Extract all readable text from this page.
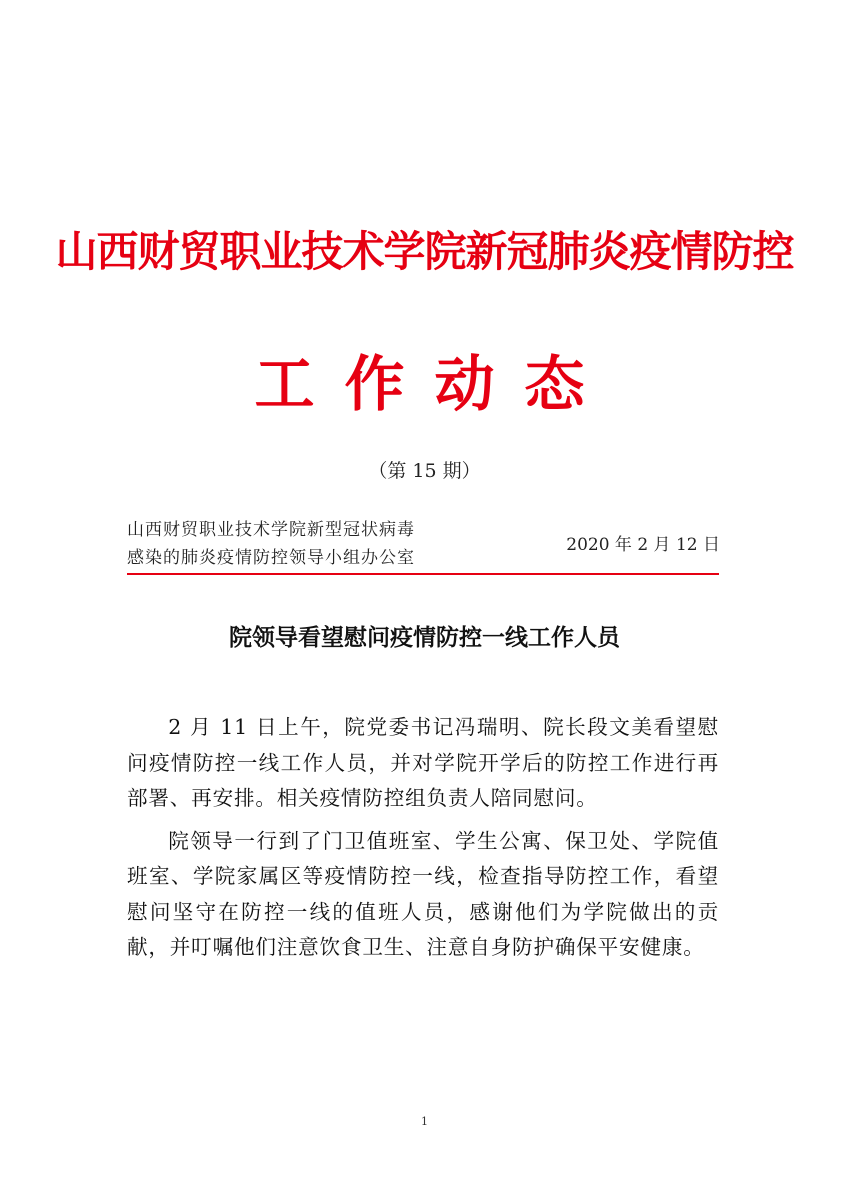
山西财贸职业技术学院新冠肺炎疫情防控
工作动态
（第 15 期）
山西财贸职业技术学院新型冠状病毒
感染的肺炎疫情防控领导小组办公室
2020 年 2 月 12 日
院领导看望慰问疫情防控一线工作人员

2 月 11 日上午，院党委书记冯瑞明、院长段文美看望慰问疫情防控一线工作人员，并对学院开学后的防控工作进行再部署、再安排。相关疫情防控组负责人陪同慰问。

院领导一行到了门卫值班室、学生公寓、保卫处、学院值班室、学院家属区等疫情防控一线，检查指导防控工作，看望慰问坚守在防控一线的值班人员，感谢他们为学院做出的贡献，并叮嘱他们注意饮食卫生、注意自身防护确保平安健康。

1
